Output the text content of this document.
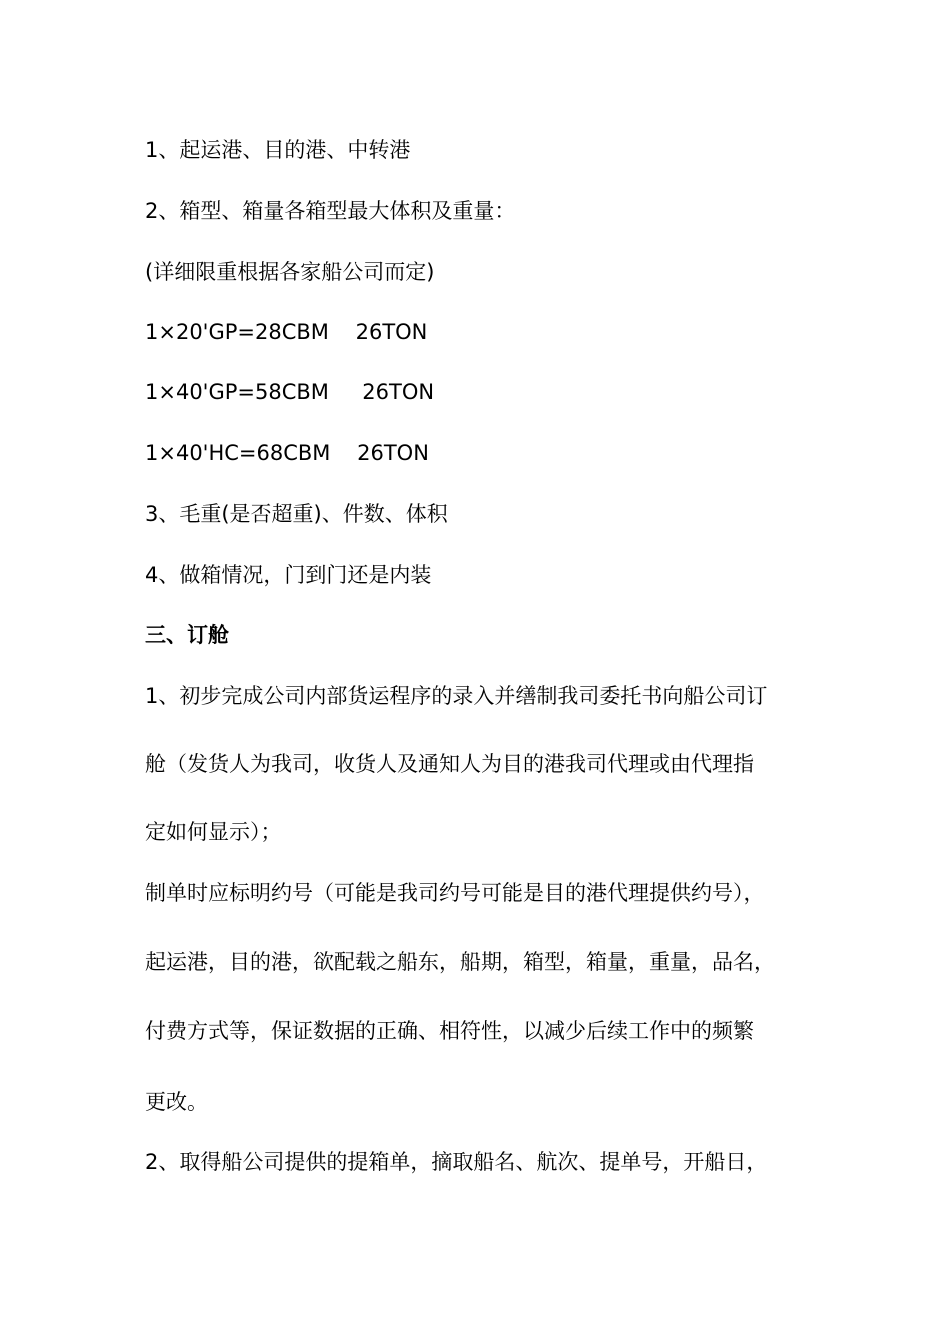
1、起运港、目的港、中转港
2、箱型、箱量各箱型最大体积及重量：
(详细限重根据各家船公司而定)
1×20'GP=28CBM    26TON
1×40'GP=58CBM     26TON
1×40'HC=68CBM    26TON
3、毛重(是否超重)、件数、体积
4、做箱情况，门到门还是内装
三、订舱
1、初步完成公司内部货运程序的录入并缮制我司委托书向船公司订
舱（发货人为我司，收货人及通知人为目的港我司代理或由代理指
定如何显示）；
制单时应标明约号（可能是我司约号可能是目的港代理提供约号），
起运港，目的港，欲配载之船东，船期，箱型，箱量，重量，品名，
付费方式等，保证数据的正确、相符性，以减少后续工作中的频繁
更改。
2、取得船公司提供的提箱单，摘取船名、航次、提单号，开船日，
